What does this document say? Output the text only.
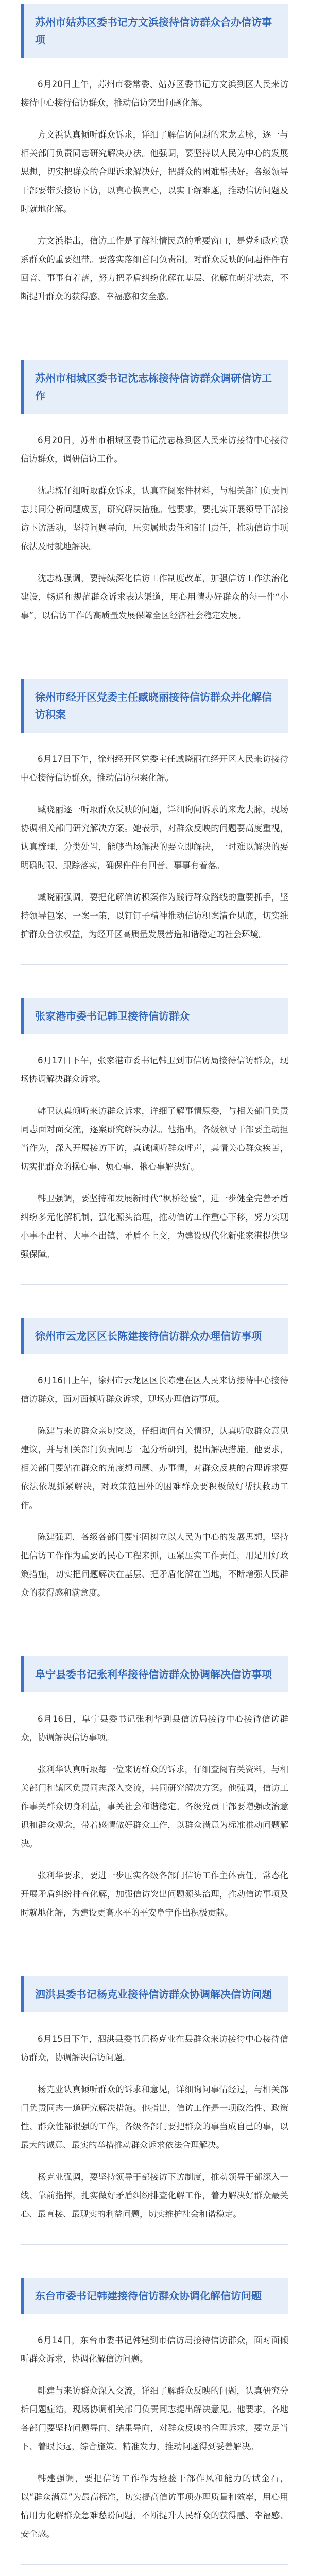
苏州市姑苏区委书记方文浜接待信访群众合办信访事项

6月20日上午，苏州市委常委、姑苏区委书记方文浜到区人民来访接待中心接待信访群众，推动信访突出问题化解。

方文浜认真倾听群众诉求，详细了解信访问题的来龙去脉，逐一与相关部门负责同志研究解决办法。他强调，要坚持以人民为中心的发展思想，切实把群众的合理诉求解决好，把群众的困难帮扶好。各级领导干部要带头接访下访，以真心换真心，以实干解难题，推动信访问题及时就地化解。

方文浜指出，信访工作是了解社情民意的重要窗口，是党和政府联系群众的重要纽带。要落实落细首问负责制，对群众反映的问题件件有回音、事事有着落，努力把矛盾纠纷化解在基层、化解在萌芽状态，不断提升群众的获得感、幸福感和安全感。

苏州市相城区委书记沈志栋接待信访群众调研信访工作

6月20日，苏州市相城区委书记沈志栋到区人民来访接待中心接待信访群众，调研信访工作。

沈志栋仔细听取群众诉求，认真查阅案件材料，与相关部门负责同志共同分析问题成因，研究解决措施。他要求，要扎实开展领导干部接访下访活动，坚持问题导向，压实属地责任和部门责任，推动信访事项依法及时就地解决。

沈志栋强调，要持续深化信访工作制度改革，加强信访工作法治化建设，畅通和规范群众诉求表达渠道，用心用情办好群众的每一件“小事”，以信访工作的高质量发展保障全区经济社会稳定发展。

徐州市经开区党委主任臧晓丽接待信访群众并化解信访积案

6月17日下午，徐州经开区党委主任臧晓丽在经开区人民来访接待中心接待信访群众，推动信访积案化解。

臧晓丽逐一听取群众反映的问题，详细询问诉求的来龙去脉，现场协调相关部门研究解决方案。她表示，对群众反映的问题要高度重视，认真梳理，分类处置，能够当场解决的要立即解决，一时难以解决的要明确时限、跟踪落实，确保件件有回音、事事有着落。

臧晓丽强调，要把化解信访积案作为践行群众路线的重要抓手，坚持领导包案、一案一策，以钉钉子精神推动信访积案清仓见底，切实维护群众合法权益，为经开区高质量发展营造和谐稳定的社会环境。

张家港市委书记韩卫接待信访群众

6月17日下午，张家港市委书记韩卫到市信访局接待信访群众，现场协调解决群众诉求。

韩卫认真倾听来访群众诉求，详细了解事情原委，与相关部门负责同志面对面交流，逐案研究解决办法。他指出，各级领导干部要主动担当作为，深入开展接访下访，真诚倾听群众呼声，真情关心群众疾苦，切实把群众的操心事、烦心事、揪心事解决好。

韩卫强调，要坚持和发展新时代“枫桥经验”，进一步健全完善矛盾纠纷多元化解机制，强化源头治理，推动信访工作重心下移，努力实现小事不出村、大事不出镇、矛盾不上交，为建设现代化新张家港提供坚强保障。

徐州市云龙区区长陈建接待信访群众办理信访事项

6月16日上午，徐州市云龙区区长陈建在区人民来访接待中心接待信访群众，面对面倾听群众诉求，现场办理信访事项。

陈建与来访群众亲切交谈，仔细询问有关情况，认真听取群众意见建议，并与相关部门负责同志一起分析研判，提出解决措施。他要求，相关部门要站在群众的角度想问题、办事情，对群众反映的合理诉求要依法依规抓紧解决，对政策范围外的困难群众要积极做好帮扶救助工作。

陈建强调，各级各部门要牢固树立以人民为中心的发展思想，坚持把信访工作作为重要的民心工程来抓，压紧压实工作责任，用足用好政策措施，切实把问题解决在基层、把矛盾化解在当地，不断增强人民群众的获得感和满意度。

阜宁县委书记张利华接待信访群众协调解决信访事项

6月16日，阜宁县委书记张利华到县信访局接待中心接待信访群众，协调解决信访事项。

张利华认真听取每一位来访群众的诉求，仔细查阅有关资料，与相关部门和镇区负责同志深入交流，共同研究解决方案。他强调，信访工作事关群众切身利益，事关社会和谐稳定。各级党员干部要增强政治意识和群众观念，带着感情做好群众工作，以群众满意为标准推动问题解决。

张利华要求，要进一步压实各级各部门信访工作主体责任，常态化开展矛盾纠纷排查化解，加强信访突出问题源头治理，推动信访事项及时就地化解，为建设更高水平的平安阜宁作出积极贡献。

泗洪县委书记杨克业接待信访群众协调解决信访问题

6月15日下午，泗洪县委书记杨克业在县群众来访接待中心接待信访群众，协调解决信访问题。

杨克业认真倾听群众的诉求和意见，详细询问事情经过，与相关部门负责同志一道研究解决措施。他指出，信访工作是一项政治性、政策性、群众性都很强的工作，各级各部门要把群众的事当成自己的事，以最大的诚意、最实的举措推动群众诉求依法合理解决。

杨克业强调，要坚持领导干部接访下访制度，推动领导干部深入一线、靠前指挥，扎实做好矛盾纠纷排查化解工作，着力解决好群众最关心、最直接、最现实的利益问题，切实维护社会和谐稳定。

东台市委书记韩建接待信访群众协调化解信访问题

6月14日，东台市委书记韩建到市信访局接待信访群众，面对面倾听群众诉求，协调化解信访问题。

韩建与来访群众深入交流，详细了解群众反映的问题，认真研究分析问题症结，现场协调相关部门负责同志提出解决意见。他要求，各地各部门要坚持问题导向、结果导向，对群众反映的合理诉求，要立足当下、着眼长远，综合施策、精准发力，推动问题得到妥善解决。

韩建强调，要把信访工作作为检验干部作风和能力的试金石，以“群众满意”为最高标准，切实提高信访事项办理质量和效率，用心用情用力化解群众急难愁盼问题，不断提升人民群众的获得感、幸福感、安全感。
